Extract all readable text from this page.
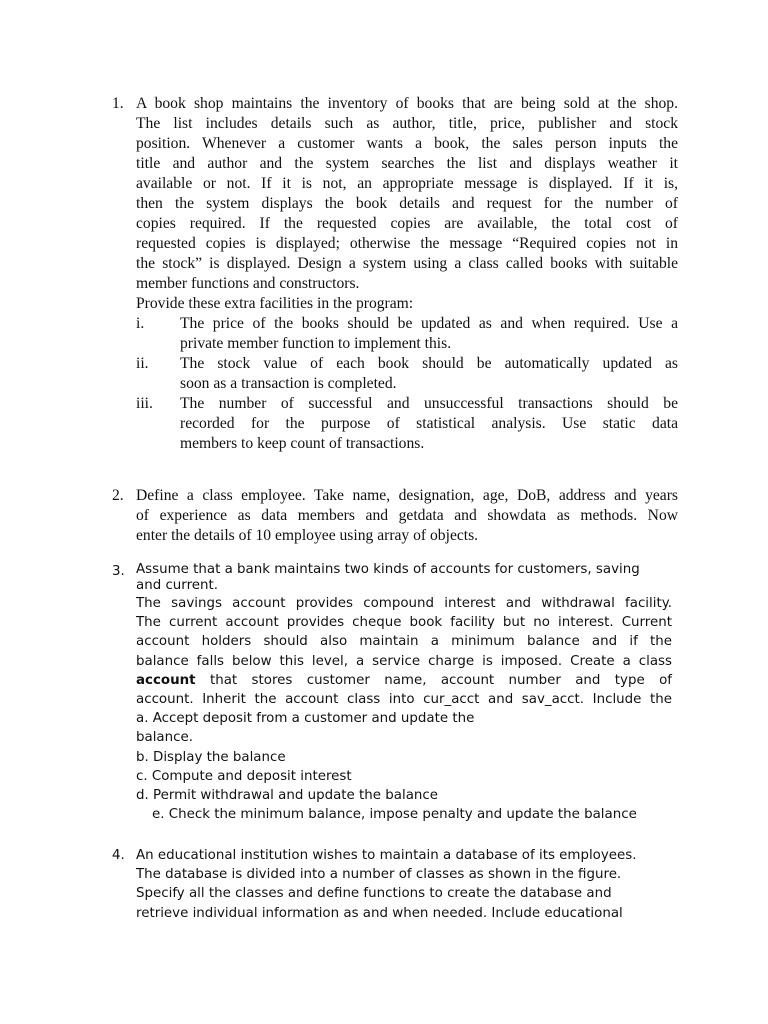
1. A book shop maintains the inventory of books that are being sold at the shop.
The list includes details such as author, title, price, publisher and stock
position. Whenever a customer wants a book, the sales person inputs the
title and author and the system searches the list and displays weather it
available or not. If it is not, an appropriate message is displayed. If it is,
then the system displays the book details and request for the number of
copies required. If the requested copies are available, the total cost of
requested copies is displayed; otherwise the message “Required copies not in
the stock” is displayed. Design a system using a class called books with suitable
member functions and constructors.
Provide these extra facilities in the program:
i. The price of the books should be updated as and when required. Use a
private member function to implement this.
ii. The stock value of each book should be automatically updated as
soon as a transaction is completed.
iii. The number of successful and unsuccessful transactions should be
recorded for the purpose of statistical analysis. Use static data
members to keep count of transactions.
2. Define a class employee. Take name, designation, age, DoB, address and years
of experience as data members and getdata and showdata as methods. Now
enter the details of 10 employee using array of objects.
3. Assume that a bank maintains two kinds of accounts for customers, saving
and current.
The savings account provides compound interest and withdrawal facility.
The current account provides cheque book facility but no interest. Current
account holders should also maintain a minimum balance and if the
balance falls below this level, a service charge is imposed. Create a class
account that stores customer name, account number and type of
account. Inherit the account class into cur_acct and sav_acct. Include the
a. Accept deposit from a customer and update the
balance.
b. Display the balance
c. Compute and deposit interest
d. Permit withdrawal and update the balance
e. Check the minimum balance, impose penalty and update the balance
4. An educational institution wishes to maintain a database of its employees.
The database is divided into a number of classes as shown in the figure.
Specify all the classes and define functions to create the database and
retrieve individual information as and when needed. Include educational
